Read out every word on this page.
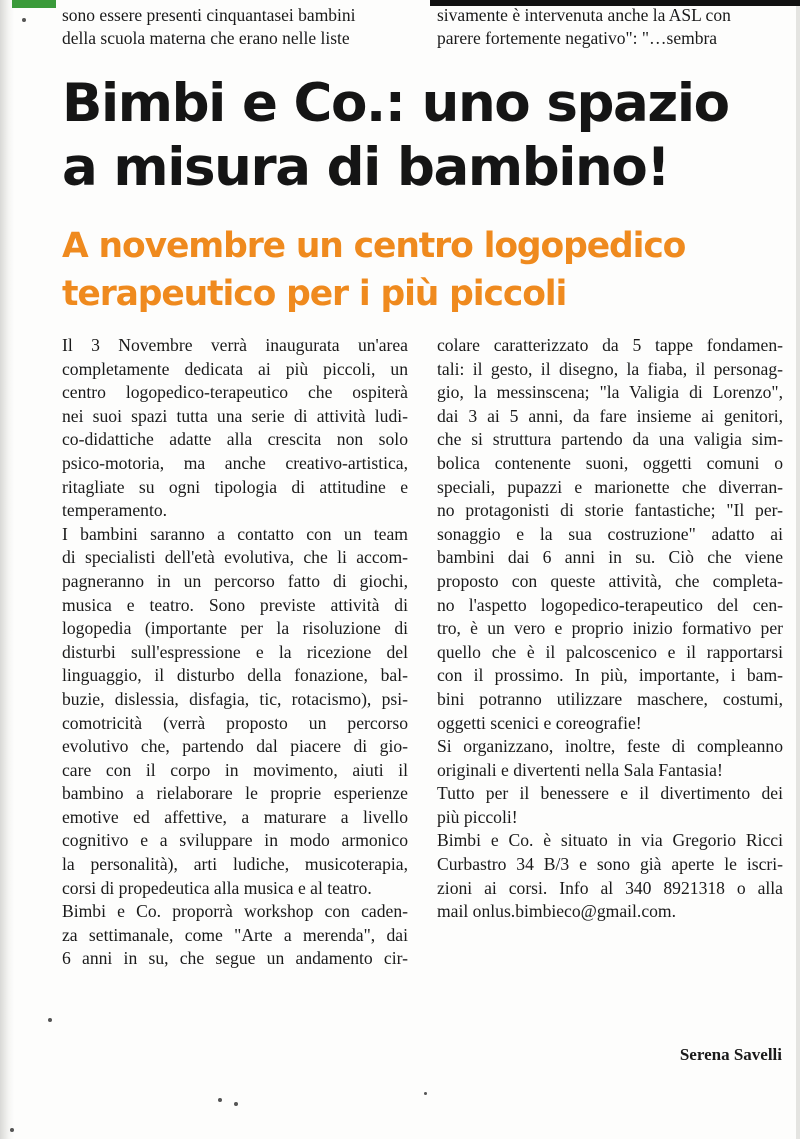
sono essere presenti cinquantasei bambini
della scuola materna che erano nelle liste
sivamente è intervenuta anche la ASL con
parere fortemente negativo": "…sembra
Bimbi e Co.: uno spazio
a misura di bambino!
A novembre un centro logopedico
terapeutico per i più piccoli
Il 3 Novembre verrà inaugurata un'area
completamente dedicata ai più piccoli, un
centro logopedico-terapeutico che ospiterà
nei suoi spazi tutta una serie di attività ludi-
co-didattiche adatte alla crescita non solo
psico-motoria, ma anche creativo-artistica,
ritagliate su ogni tipologia di attitudine e
temperamento.
I bambini saranno a contatto con un team
di specialisti dell'età evolutiva, che li accom-
pagneranno in un percorso fatto di giochi,
musica e teatro. Sono previste attività di
logopedia (importante per la risoluzione di
disturbi sull'espressione e la ricezione del
linguaggio, il disturbo della fonazione, bal-
buzie, dislessia, disfagia, tic, rotacismo), psi-
comotricità (verrà proposto un percorso
evolutivo che, partendo dal piacere di gio-
care con il corpo in movimento, aiuti il
bambino a rielaborare le proprie esperienze
emotive ed affettive, a maturare a livello
cognitivo e a sviluppare in modo armonico
la personalità), arti ludiche, musicoterapia,
corsi di propedeutica alla musica e al teatro.
Bimbi e Co. proporrà workshop con caden-
za settimanale, come "Arte a merenda", dai
6 anni in su, che segue un andamento cir-
colare caratterizzato da 5 tappe fondamen-
tali: il gesto, il disegno, la fiaba, il personag-
gio, la messinscena; "la Valigia di Lorenzo",
dai 3 ai 5 anni, da fare insieme ai genitori,
che si struttura partendo da una valigia sim-
bolica contenente suoni, oggetti comuni o
speciali, pupazzi e marionette che diverran-
no protagonisti di storie fantastiche; "Il per-
sonaggio e la sua costruzione" adatto ai
bambini dai 6 anni in su. Ciò che viene
proposto con queste attività, che completa-
no l'aspetto logopedico-terapeutico del cen-
tro, è un vero e proprio inizio formativo per
quello che è il palcoscenico e il rapportarsi
con il prossimo. In più, importante, i bam-
bini potranno utilizzare maschere, costumi,
oggetti scenici e coreografie!
Si organizzano, inoltre, feste di compleanno
originali e divertenti nella Sala Fantasia!
Tutto per il benessere e il divertimento dei
più piccoli!
Bimbi e Co. è situato in via Gregorio Ricci
Curbastro 34 B/3 e sono già aperte le iscri-
zioni ai corsi. Info al 340 8921318 o alla
mail onlus.bimbieco@gmail.com.
Serena Savelli
